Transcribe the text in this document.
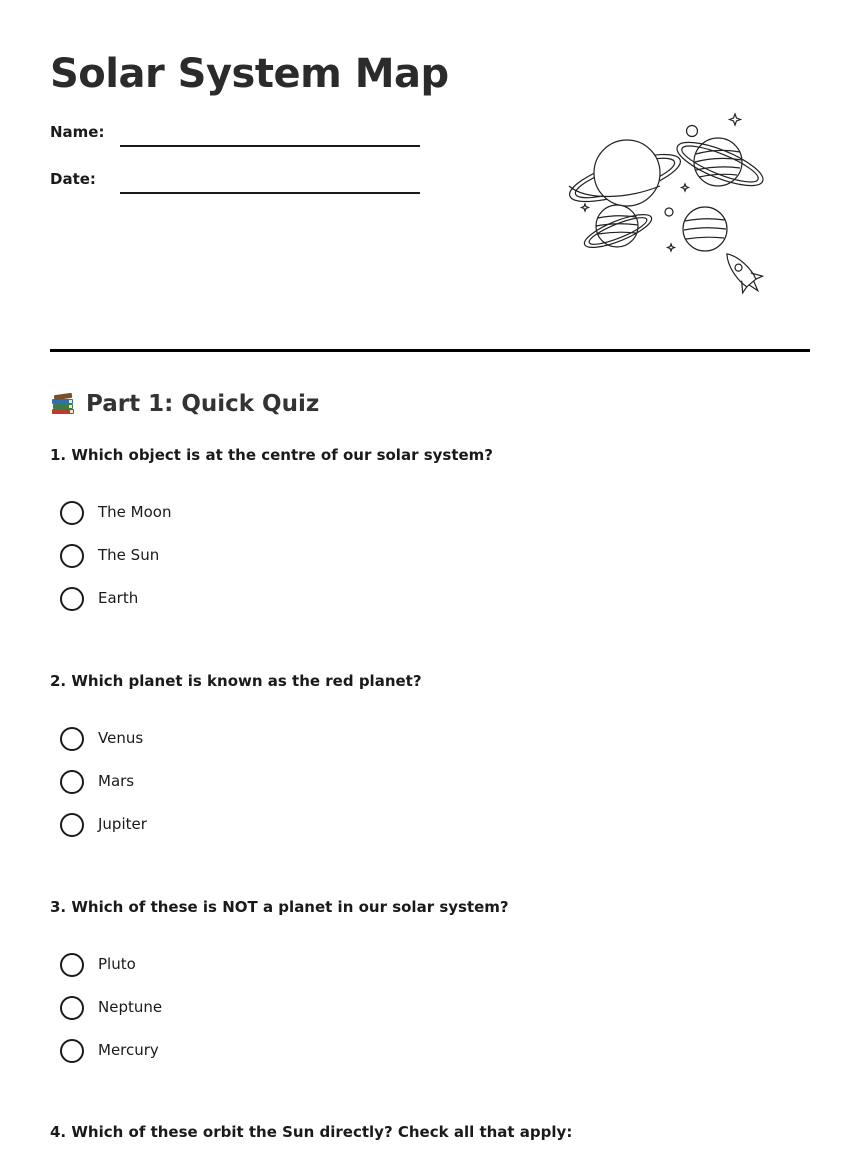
Solar System Map
Name:
Date:
Part 1: Quick Quiz

1. Which object is at the centre of our solar system?

The Moon
The Sun
Earth

2. Which planet is known as the red planet?

Venus
Mars
Jupiter

3. Which of these is NOT a planet in our solar system?

Pluto
Neptune
Mercury

4. Which of these orbit the Sun directly? Check all that apply:
